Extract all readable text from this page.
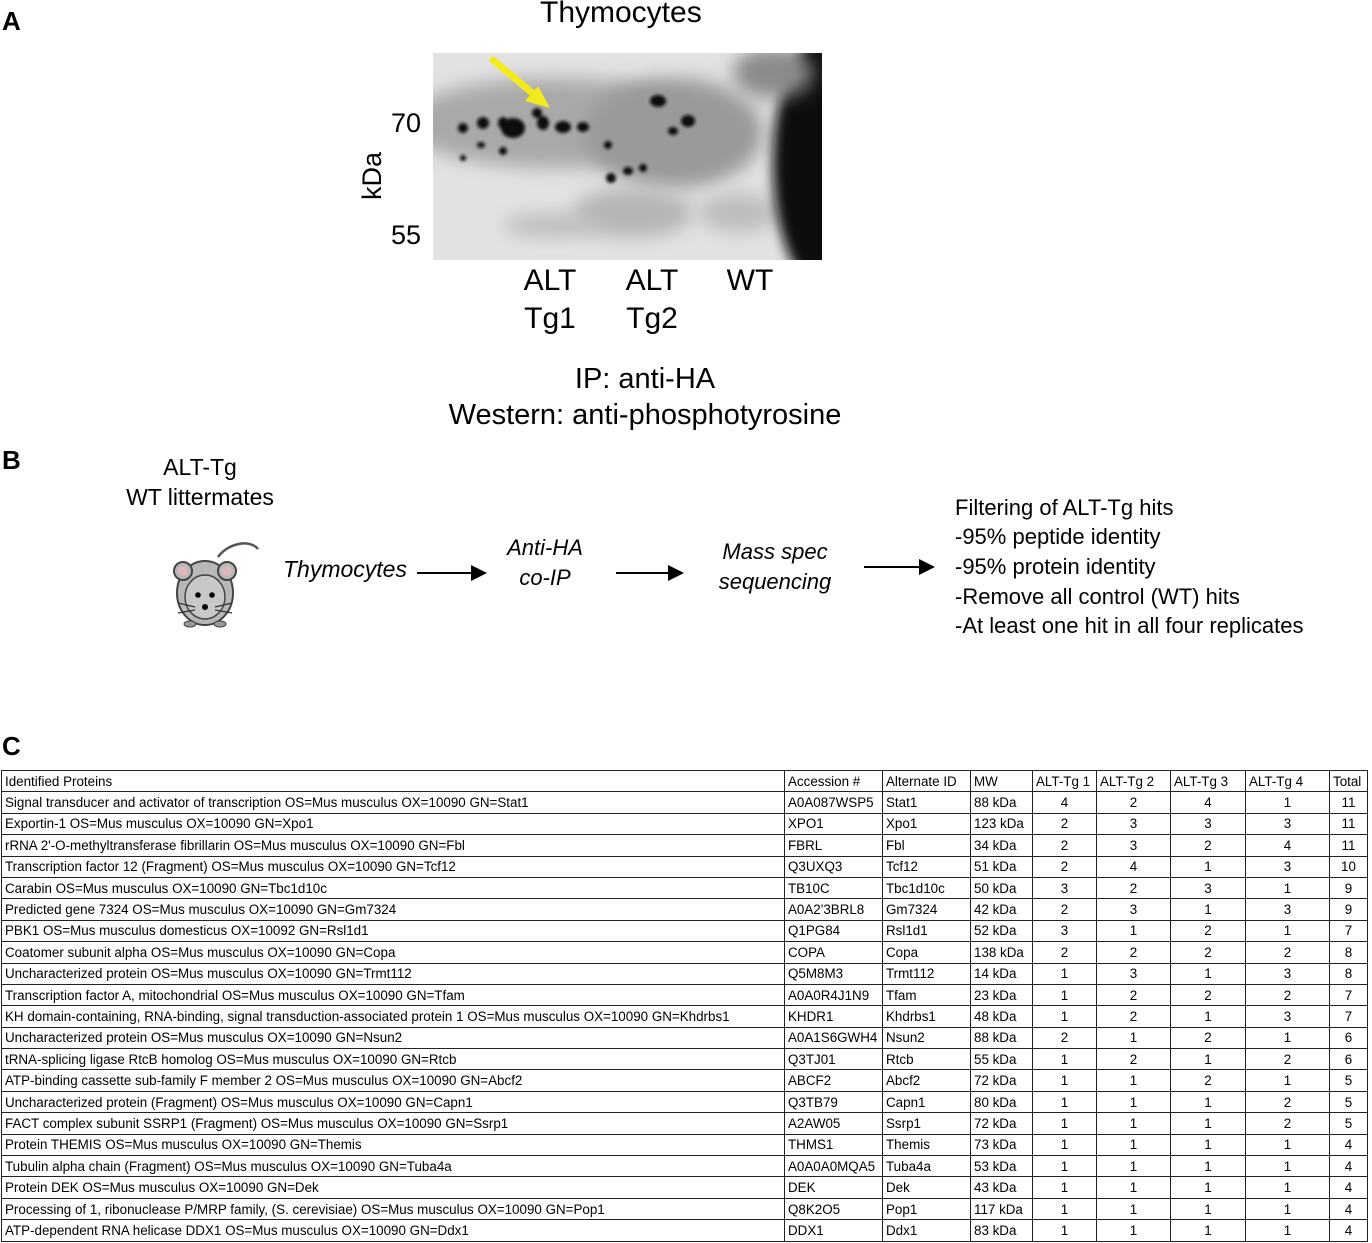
A	Thymocytes
70
55
kDa
ALT
Tg1
ALT
Tg2
WT
IP: anti-HA
Western: anti-phosphotyrosine
B	ALT-Tg
WT littermates
Thymocytes
Anti-HA
co-IP
Mass spec
sequencing
Filtering of ALT-Tg hits
-95% peptide identity
-95% protein identity
-Remove all control (WT) hits
-At least one hit in all four replicates
C
Identified Proteins	Accession #	Alternate ID	MW	ALT-Tg 1	ALT-Tg 2	ALT-Tg 3	ALT-Tg 4	Total
Signal transducer and activator of transcription OS=Mus musculus OX=10090 GN=Stat1	A0A087WSP5	Stat1	88 kDa	4	2	4	1	11
Exportin-1 OS=Mus musculus OX=10090 GN=Xpo1	XPO1	Xpo1	123 kDa	2	3	3	3	11
rRNA 2'-O-methyltransferase fibrillarin OS=Mus musculus OX=10090 GN=Fbl	FBRL	Fbl	34 kDa	2	3	2	4	11
Transcription factor 12 (Fragment) OS=Mus musculus OX=10090 GN=Tcf12	Q3UXQ3	Tcf12	51 kDa	2	4	1	3	10
Carabin OS=Mus musculus OX=10090 GN=Tbc1d10c	TB10C	Tbc1d10c	50 kDa	3	2	3	1	9
Predicted gene 7324 OS=Mus musculus OX=10090 GN=Gm7324	A0A2'3BRL8	Gm7324	42 kDa	2	3	1	3	9
PBK1 OS=Mus musculus domesticus OX=10092 GN=Rsl1d1	Q1PG84	Rsl1d1	52 kDa	3	1	2	1	7
Coatomer subunit alpha OS=Mus musculus OX=10090 GN=Copa	COPA	Copa	138 kDa	2	2	2	2	8
Uncharacterized protein OS=Mus musculus OX=10090 GN=Trmt112	Q5M8M3	Trmt112	14 kDa	1	3	1	3	8
Transcription factor A, mitochondrial OS=Mus musculus OX=10090 GN=Tfam	A0A0R4J1N9	Tfam	23 kDa	1	2	2	2	7
KH domain-containing, RNA-binding, signal transduction-associated protein 1 OS=Mus musculus OX=10090 GN=Khdrbs1	KHDR1	Khdrbs1	48 kDa	1	2	1	3	7
Uncharacterized protein OS=Mus musculus OX=10090 GN=Nsun2	A0A1S6GWH4	Nsun2	88 kDa	2	1	2	1	6
tRNA-splicing ligase RtcB homolog OS=Mus musculus OX=10090 GN=Rtcb	Q3TJ01	Rtcb	55 kDa	1	2	1	2	6
ATP-binding cassette sub-family F member 2 OS=Mus musculus OX=10090 GN=Abcf2	ABCF2	Abcf2	72 kDa	1	1	2	1	5
Uncharacterized protein (Fragment) OS=Mus musculus OX=10090 GN=Capn1	Q3TB79	Capn1	80 kDa	1	1	1	2	5
FACT complex subunit SSRP1 (Fragment) OS=Mus musculus OX=10090 GN=Ssrp1	A2AW05	Ssrp1	72 kDa	1	1	1	2	5
Protein THEMIS OS=Mus musculus OX=10090 GN=Themis	THMS1	Themis	73 kDa	1	1	1	1	4
Tubulin alpha chain (Fragment) OS=Mus musculus OX=10090 GN=Tuba4a	A0A0A0MQA5	Tuba4a	53 kDa	1	1	1	1	4
Protein DEK OS=Mus musculus OX=10090 GN=Dek	DEK	Dek	43 kDa	1	1	1	1	4
Processing of 1, ribonuclease P/MRP family, (S. cerevisiae) OS=Mus musculus OX=10090 GN=Pop1	Q8K2O5	Pop1	117 kDa	1	1	1	1	4
ATP-dependent RNA helicase DDX1 OS=Mus musculus OX=10090 GN=Ddx1	DDX1	Ddx1	83 kDa	1	1	1	1	4
